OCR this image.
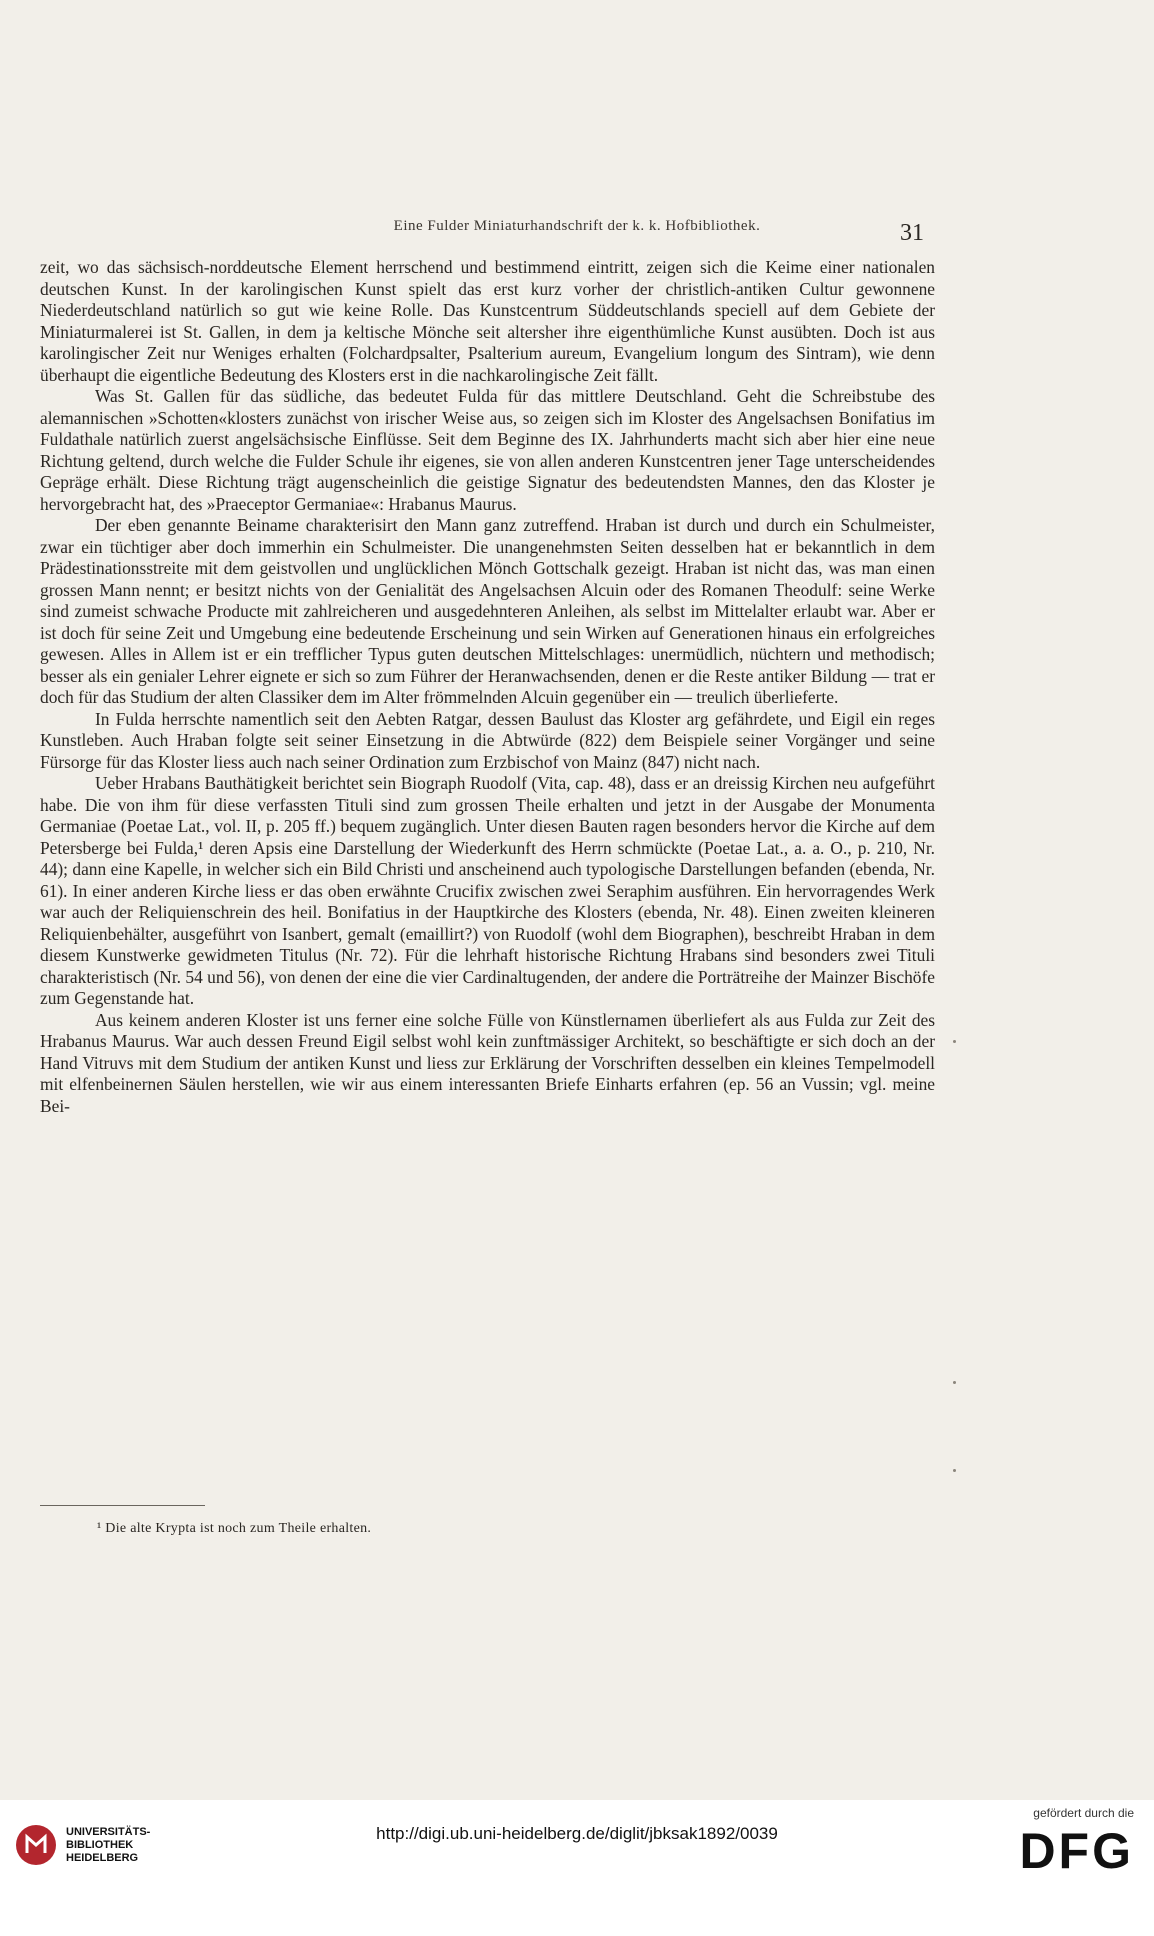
Eine Fulder Miniaturhandschrift der k. k. Hofbibliothek.	31

zeit, wo das sächsisch-norddeutsche Element herrschend und bestimmend eintritt, zeigen sich die Keime einer nationalen deutschen Kunst. In der karolingischen Kunst spielt das erst kurz vorher der christlich-antiken Cultur gewonnene Niederdeutschland natürlich so gut wie keine Rolle. Das Kunstcentrum Süddeutschlands speciell auf dem Gebiete der Miniaturmalerei ist St. Gallen, in dem ja keltische Mönche seit altersher ihre eigenthümliche Kunst ausübten. Doch ist aus karolingischer Zeit nur Weniges erhalten (Folchardpsalter, Psalterium aureum, Evangelium longum des Sintram), wie denn überhaupt die eigentliche Bedeutung des Klosters erst in die nachkarolingische Zeit fällt.

Was St. Gallen für das südliche, das bedeutet Fulda für das mittlere Deutschland. Geht die Schreibstube des alemannischen »Schotten«klosters zunächst von irischer Weise aus, so zeigen sich im Kloster des Angelsachsen Bonifatius im Fuldathale natürlich zuerst angelsächsische Einflüsse. Seit dem Beginne des IX. Jahrhunderts macht sich aber hier eine neue Richtung geltend, durch welche die Fulder Schule ihr eigenes, sie von allen anderen Kunstcentren jener Tage unterscheidendes Gepräge erhält. Diese Richtung trägt augenscheinlich die geistige Signatur des bedeutendsten Mannes, den das Kloster je hervorgebracht hat, des »Praeceptor Germaniae«: Hrabanus Maurus.

Der eben genannte Beiname charakterisirt den Mann ganz zutreffend. Hraban ist durch und durch ein Schulmeister, zwar ein tüchtiger aber doch immerhin ein Schulmeister. Die unangenehmsten Seiten desselben hat er bekanntlich in dem Prädestinationsstreite mit dem geistvollen und unglücklichen Mönch Gottschalk gezeigt. Hraban ist nicht das, was man einen grossen Mann nennt; er besitzt nichts von der Genialität des Angelsachsen Alcuin oder des Romanen Theodulf: seine Werke sind zumeist schwache Producte mit zahlreicheren und ausgedehnteren Anleihen, als selbst im Mittelalter erlaubt war. Aber er ist doch für seine Zeit und Umgebung eine bedeutende Erscheinung und sein Wirken auf Generationen hinaus ein erfolgreiches gewesen. Alles in Allem ist er ein trefflicher Typus guten deutschen Mittelschlages: unermüdlich, nüchtern und methodisch; besser als ein genialer Lehrer eignete er sich so zum Führer der Heranwachsenden, denen er die Reste antiker Bildung — trat er doch für das Studium der alten Classiker dem im Alter frömmelnden Alcuin gegenüber ein — treulich überlieferte.

In Fulda herrschte namentlich seit den Aebten Ratgar, dessen Baulust das Kloster arg gefährdete, und Eigil ein reges Kunstleben. Auch Hraban folgte seit seiner Einsetzung in die Abtwürde (822) dem Beispiele seiner Vorgänger und seine Fürsorge für das Kloster liess auch nach seiner Ordination zum Erzbischof von Mainz (847) nicht nach.

Ueber Hrabans Bauthätigkeit berichtet sein Biograph Ruodolf (Vita, cap. 48), dass er an dreissig Kirchen neu aufgeführt habe. Die von ihm für diese verfassten Tituli sind zum grossen Theile erhalten und jetzt in der Ausgabe der Monumenta Germaniae (Poetae Lat., vol. II, p. 205 ff.) bequem zugänglich. Unter diesen Bauten ragen besonders hervor die Kirche auf dem Petersberge bei Fulda,¹ deren Apsis eine Darstellung der Wiederkunft des Herrn schmückte (Poetae Lat., a. a. O., p. 210, Nr. 44); dann eine Kapelle, in welcher sich ein Bild Christi und anscheinend auch typologische Darstellungen befanden (ebenda, Nr. 61). In einer anderen Kirche liess er das oben erwähnte Crucifix zwischen zwei Seraphim ausführen. Ein hervorragendes Werk war auch der Reliquienschrein des heil. Bonifatius in der Hauptkirche des Klosters (ebenda, Nr. 48). Einen zweiten kleineren Reliquienbehälter, ausgeführt von Isanbert, gemalt (emaillirt?) von Ruodolf (wohl dem Biographen), beschreibt Hraban in dem diesem Kunstwerke gewidmeten Titulus (Nr. 72). Für die lehrhaft historische Richtung Hrabans sind besonders zwei Tituli charakteristisch (Nr. 54 und 56), von denen der eine die vier Cardinaltugenden, der andere die Porträtreihe der Mainzer Bischöfe zum Gegenstande hat.

Aus keinem anderen Kloster ist uns ferner eine solche Fülle von Künstlernamen überliefert als aus Fulda zur Zeit des Hrabanus Maurus. War auch dessen Freund Eigil selbst wohl kein zunftmässiger Architekt, so beschäftigte er sich doch an der Hand Vitruvs mit dem Studium der antiken Kunst und liess zur Erklärung der Vorschriften desselben ein kleines Tempelmodell mit elfenbeinernen Säulen herstellen, wie wir aus einem interessanten Briefe Einharts erfahren (ep. 56 an Vussin; vgl. meine Bei-

¹ Die alte Krypta ist noch zum Theile erhalten.
UNIVERSITÄTS-
BIBLIOTHEK
HEIDELBERG
http://digi.ub.uni-heidelberg.de/diglit/jbksak1892/0039
gefördert durch die
DFG
